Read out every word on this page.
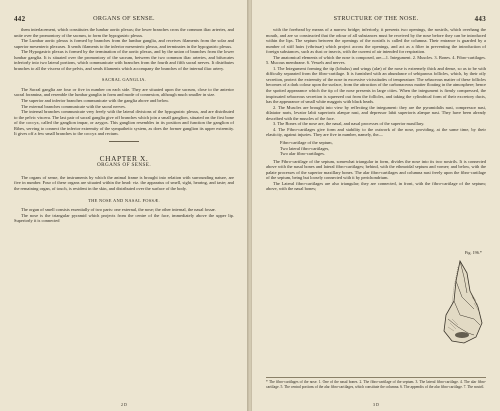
442	ORGANS OF SENSE.

them interlacement, which constitutes the lumbar aortic plexus; the lower branches cross the common iliac arteries, and unite over the promontory of the sacrum, to form the hypogastric plexus.

The Lumbar aortic plexus is formed by branches from the lumbar ganglia, and receives filaments from the solar and superior mesenteric plexuses. It sends filaments to the inferior mesenteric plexus, and terminates in the hypogastric plexus.

The Hypogastric plexus is formed by the termination of the aortic plexus, and by the union of branches from the lower lumbar ganglia. It is situated over the promontory of the sacrum, between the two common iliac arteries, and bifurcates inferiorly into two lateral portions, which communicate with branches from the fourth and fifth sacral nerves. It distributes branches to all the viscera of the pelvis, and sends filaments which accompany the branches of the internal iliac artery.

SACRAL GANGLIA.

The Sacral ganglia are four or five in number on each side. They are situated upon the sacrum, close to the anterior sacral foramina, and resemble the lumbar ganglia in form and mode of connexion, although much smaller in size.

The superior and inferior branches communicate with the ganglia above and below.

The external branches communicate with the sacral nerves.

The internal branches communicate very freely with the lateral divisions of the hypogastric plexus, and are distributed to the pelvic viscera. The last pair of sacral ganglia give off branches which join a small ganglion, situated on the first bone of the coccyx, called the ganglion impar, or azygos. This ganglion resembles in its position and function the ganglion of Ribes, serving to connect the inferior extremity of the sympathetic system, as does the former ganglion its upper extremity. It gives off a few small branches to the coccyx and rectum.

CHAPTER X.
ORGANS OF SENSE.

The organs of sense, the instruments by which the animal frame is brought into relation with surrounding nature, are five in number. Four of these organs are situated within the head: viz. the apparatus of smell, sight, hearing, and taste; and the remaining organ, of touch, is resident in the skin, and distributed over the surface of the body.

THE NOSE AND NASAL FOSSÆ.

The organ of smell consists essentially of two parts: one external, the nose; the other internal, the nasal fossæ.

The nose is the triangular pyramid which projects from the centre of the face, immediately above the upper lip. Superiorly it is connected

2 D
STRUCTURE OF THE NOSE.	443

with the forehead by means of a narrow bridge; inferiorly, it presents two openings, the nostrils, which overhang the mouth, and are so constructed that the odour of all substances must be received by the nose before they can be introduced within the lips. The septum between the openings of the nostrils is called the columna. Their entrance is guarded by a number of stiff hairs (vibrissæ) which project across the openings, and act as a filter in preventing the introduction of foreign substances, such as dust or insects, with the current of air intended for respiration.

The anatomical elements of which the nose is composed, are—1. Integument. 2. Muscles. 3. Bones. 4. Fibro-cartilages. 5. Mucous membrane. 6. Vessels and nerves.

1. The Integument forming the tip (lobulus) and wings (alæ) of the nose is extremely thick and dense, so as to be with difficulty separated from the fibro-cartilage. It is furnished with an abundance of sebiparous follicles, which, by their oily secretion, protect the extremity of the nose in excessive vicissitudes of temperature. The sebaceous matter of these follicles becomes of a dark colour upon the surface, from the attraction of the carbonaceous matter floating in the atmosphere; hence the spotted appearance which the tip of the nose presents in large cities. When the integument is firmly compressed, the inspissated sebaceous secretion is squeezed out from the follicles, and taking the cylindrical form of their excretory ducts, has the appearance of small white maggots with black heads.

2. The Muscles are brought into view by reflecting the integument: they are the pyramidalis nasi, compressor nasi, dilatator naris, levator labii superioris alæque nasi, and depressor labii superioris alæque nasi. They have been already described with the muscles of the face.

3. The Bones of the nose are, the nasal, and nasal processes of the superior maxillary.

4. The Fibro-cartilages give form and stability to the outwork of the nose, providing, at the same time, by their elasticity, against injuries. They are five in number, namely, the—

Fibro-cartilage of the septum,
Two lateral fibro-cartilages,
Two alar fibro-cartilages.

The Fibro-cartilage of the septum, somewhat triangular in form, divides the nose into its two nostrils. It is connected above with the nasal bones and lateral fibro-cartilages; behind, with the ethmoidal septum and vomer; and below, with the palate processes of the superior maxillary bones. The alar fibro-cartilages and columna nasi freely upon the fibro-cartilage of the septum, being but loosely connected with it by perichondrium.

The Lateral fibro-cartilages are also triangular; they are connected, in front, with the fibro-cartilage of the septum; above, with the nasal bones;

Fig. 196.*
* The fibro-cartilages of the nose. 1. One of the nasal bones. 2. The fibro-cartilage of the septum. 3. The lateral fibro-cartilage. 4. The alar fibro-cartilage. 5. The central portions of the alar fibro-cartilages, which constitute the columna. 6. The appendix of the alar fibro-cartilage. 7. The nostril.
3 D
